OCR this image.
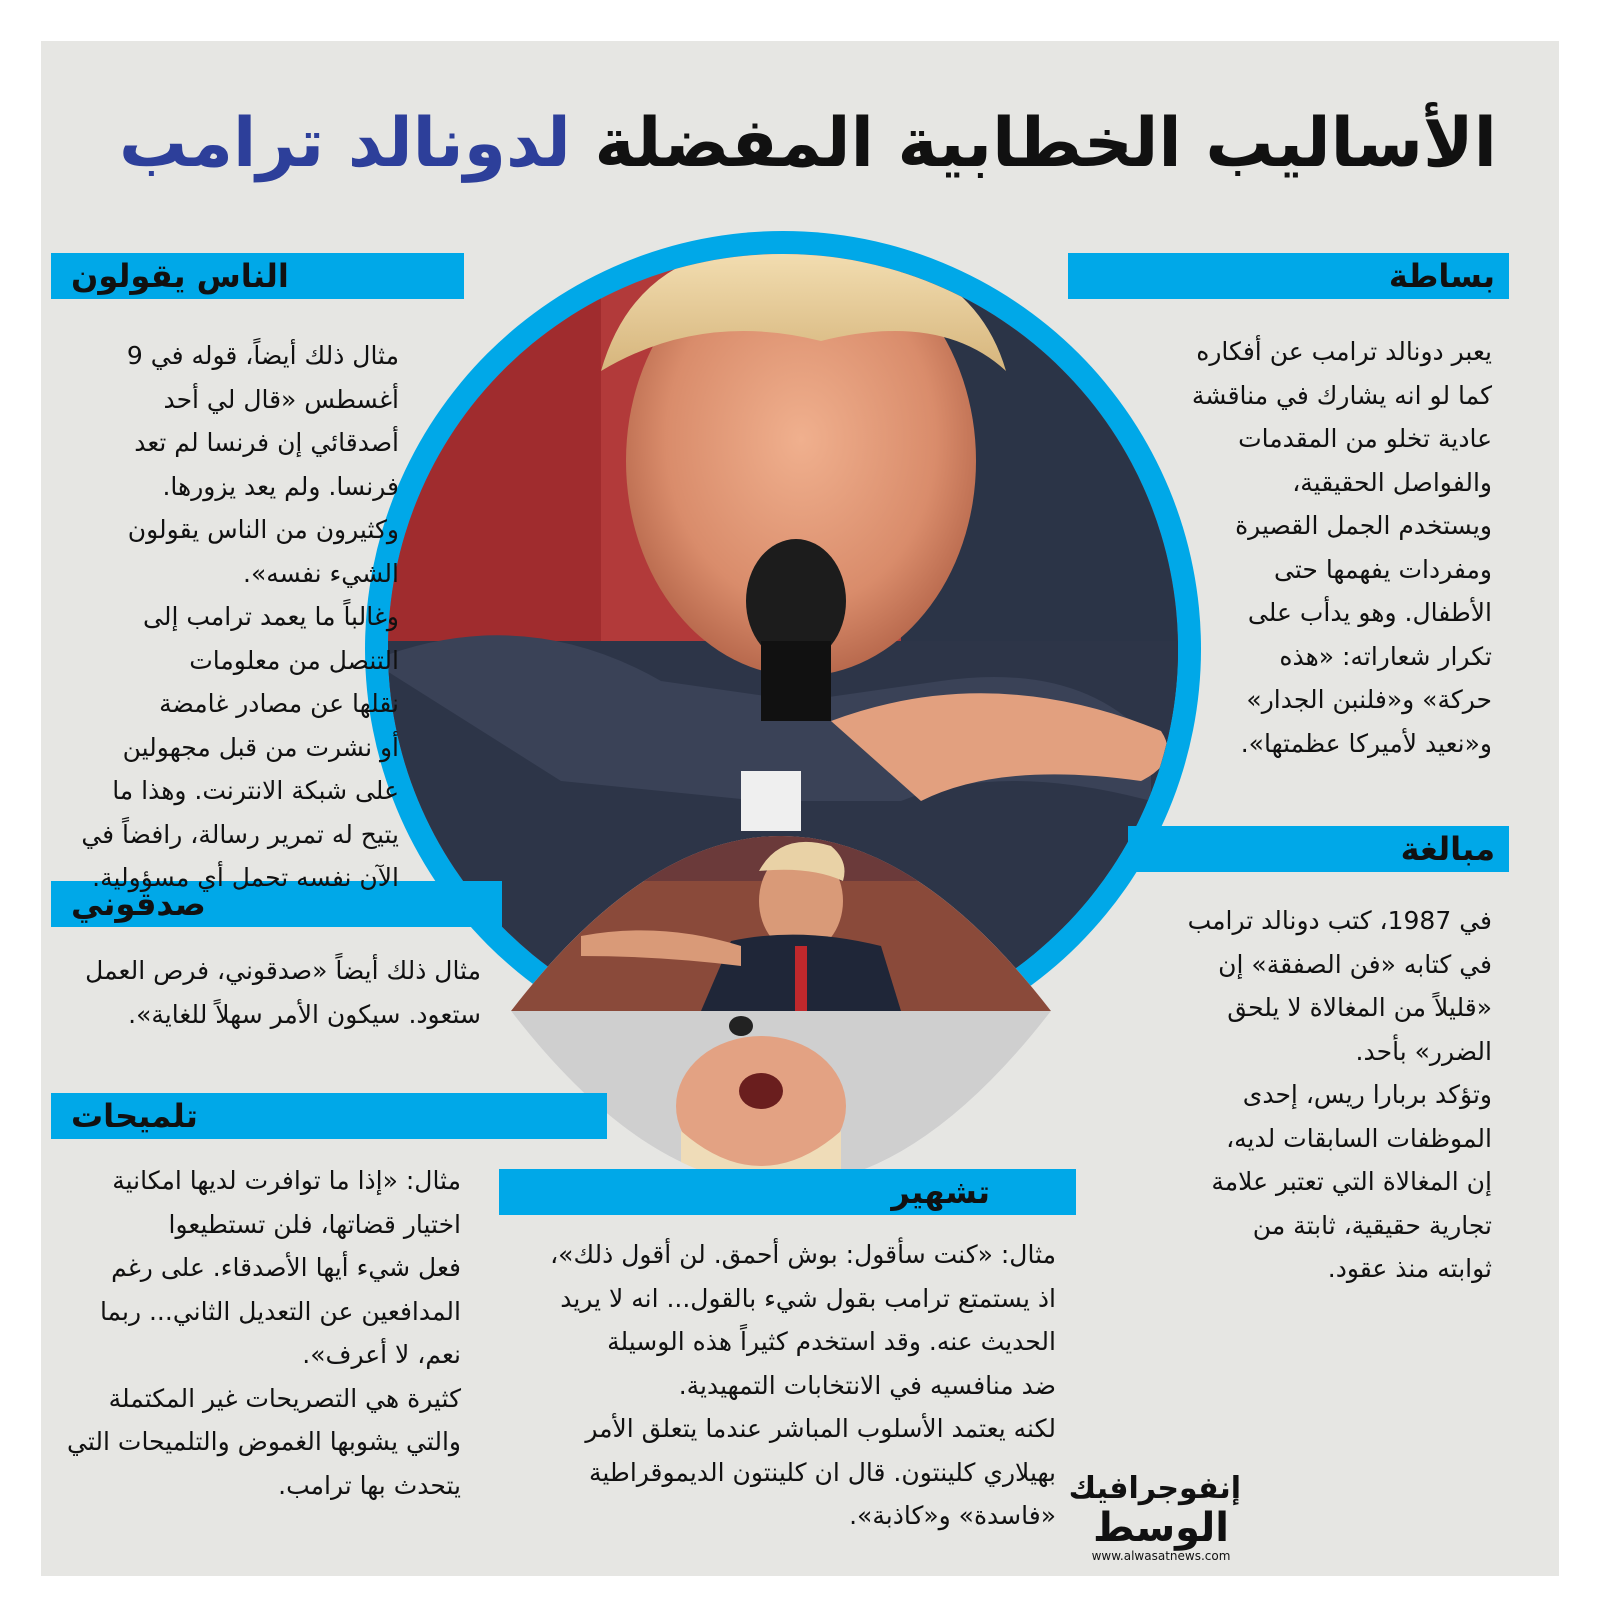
الأساليب الخطابية المفضلة لدونالد ترامب
بساطة
الناس يقولون
مبالغة
صدقوني
تلميحات
تشهير

يعبر دونالد ترامب عن أفكاره

كما لو انه يشارك في مناقشة

عادية تخلو من المقدمات

والفواصل الحقيقية،

ويستخدم الجمل القصيرة

ومفردات يفهمها حتى

الأطفال. وهو يدأب على

تكرار شعاراته: «هذه

حركة» و«فلنبن الجدار»

و«نعيد لأميركا عظمتها».

مثال ذلك أيضاً، قوله في 9

أغسطس «قال لي أحد

أصدقائي إن فرنسا لم تعد

فرنسا. ولم يعد يزورها.

وكثيرون من الناس يقولون

الشيء نفسه».

وغالباً ما يعمد ترامب إلى

التنصل من معلومات

نقلها عن مصادر غامضة

أو نشرت من قبل مجهولين

على شبكة الانترنت. وهذا ما

يتيح له تمرير رسالة، رافضاً في

الآن نفسه تحمل أي مسؤولية.

في 1987، كتب دونالد ترامب

في كتابه «فن الصفقة» إن

«قليلاً من المغالاة لا يلحق

الضرر» بأحد.

وتؤكد بربارا ريس، إحدى

الموظفات السابقات لديه،

إن المغالاة التي تعتبر علامة

تجارية حقيقية، ثابتة من

ثوابته منذ عقود.

مثال ذلك أيضاً «صدقوني، فرص العمل

ستعود. سيكون الأمر سهلاً للغاية».

مثال: «إذا ما توافرت لديها امكانية

اختيار قضاتها، فلن تستطيعوا

فعل شيء أيها الأصدقاء. على رغم

المدافعين عن التعديل الثاني... ربما

نعم، لا أعرف».

كثيرة هي التصريحات غير المكتملة

والتي يشوبها الغموض والتلميحات التي

يتحدث بها ترامب.

مثال: «كنت سأقول: بوش أحمق. لن أقول ذلك»،

اذ يستمتع ترامب بقول شيء بالقول... انه لا يريد

الحديث عنه. وقد استخدم كثيراً هذه الوسيلة

ضد منافسيه في الانتخابات التمهيدية.

لكنه يعتمد الأسلوب المباشر عندما يتعلق الأمر

بهيلاري كلينتون. قال ان كلينتون الديموقراطية

«فاسدة» و«كاذبة».

إنفوجرافيك
الوسط
www.alwasatnews.com
